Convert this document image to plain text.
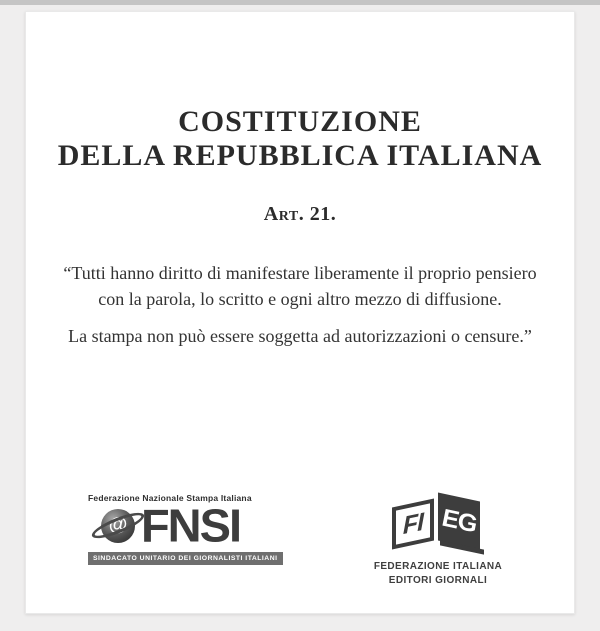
COSTITUZIONE
DELLA REPUBBLICA ITALIANA
Art. 21.

“Tutti hanno diritto di manifestare liberamente il proprio pensiero
con la parola, lo scritto e ogni altro mezzo di diffusione.

La stampa non può essere soggetta ad autorizzazioni o censure.”

Federazione Nazionale Stampa Italiana
@ FNSI
SINDACATO UNITARIO DEI GIORNALISTI ITALIANI
FI EG
FEDERAZIONE ITALIANA
EDITORI GIORNALI
